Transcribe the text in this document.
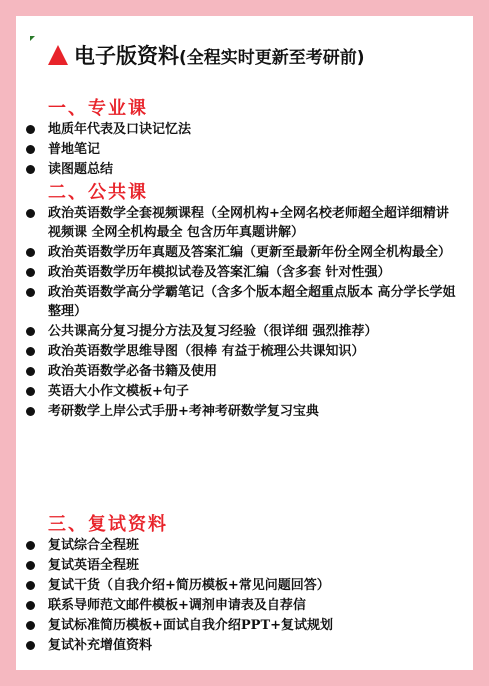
电子版资料(全程实时更新至考研前)
一、专业课
地质年代表及口诀记忆法
普地笔记
读图题总结
二、公共课
政治英语数学全套视频课程（全网机构+全网名校老师超全超详细精讲视频课 全网全机构最全 包含历年真题讲解）
政治英语数学历年真题及答案汇编（更新至最新年份全网全机构最全）
政治英语数学历年模拟试卷及答案汇编（含多套 针对性强）
政治英语数学高分学霸笔记（含多个版本超全超重点版本 高分学长学姐整理）
公共课高分复习提分方法及复习经验（很详细 强烈推荐）
政治英语数学思维导图（很棒 有益于梳理公共课知识）
政治英语数学必备书籍及使用
英语大小作文模板+句子
考研数学上岸公式手册+考神考研数学复习宝典
三、复试资料
复试综合全程班
复试英语全程班
复试干货（自我介绍+简历模板+常见问题回答）
联系导师范文邮件模板+调剂申请表及自荐信
复试标准简历模板+面试自我介绍PPT+复试规划
复试补充增值资料
